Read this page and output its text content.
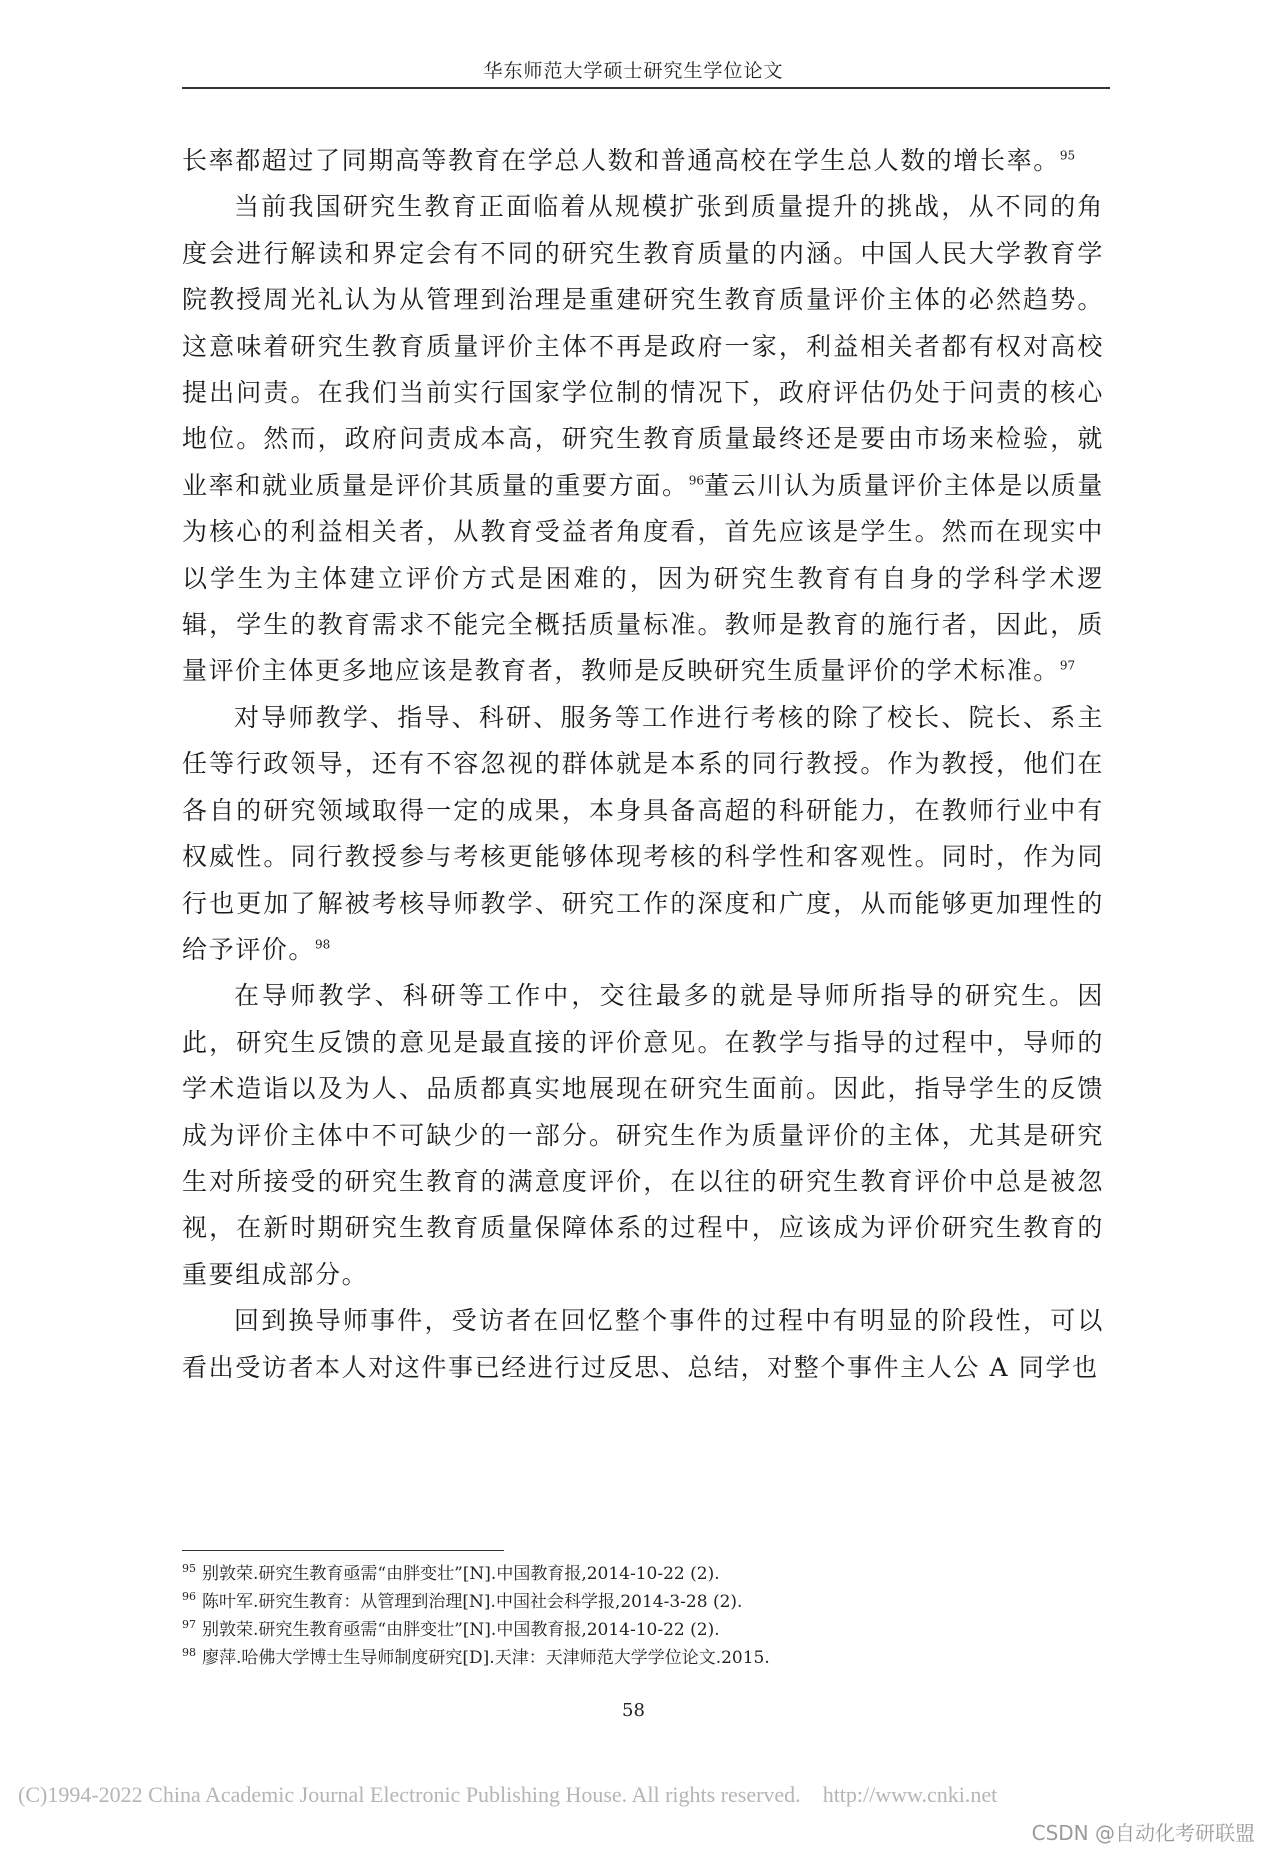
华东师范大学硕士研究生学位论文

长率都超过了同期高等教育在学总人数和普通高校在学生总人数的增长率。$^{95}$

当前我国研究生教育正面临着从规模扩张到质量提升的挑战，从不同的角度会进行解读和界定会有不同的研究生教育质量的内涵。中国人民大学教育学院教授周光礼认为从管理到治理是重建研究生教育质量评价主体的必然趋势。这意味着研究生教育质量评价主体不再是政府一家，利益相关者都有权对高校提出问责。在我们当前实行国家学位制的情况下，政府评估仍处于问责的核心地位。然而，政府问责成本高，研究生教育质量最终还是要由市场来检验，就业率和就业质量是评价其质量的重要方面。$^{96}$董云川认为质量评价主体是以质量为核心的利益相关者，从教育受益者角度看，首先应该是学生。然而在现实中以学生为主体建立评价方式是困难的，因为研究生教育有自身的学科学术逻辑，学生的教育需求不能完全概括质量标准。教师是教育的施行者，因此，质量评价主体更多地应该是教育者，教师是反映研究生质量评价的学术标准。$^{97}$

对导师教学、指导、科研、服务等工作进行考核的除了校长、院长、系主任等行政领导，还有不容忽视的群体就是本系的同行教授。作为教授，他们在各自的研究领域取得一定的成果，本身具备高超的科研能力，在教师行业中有权威性。同行教授参与考核更能够体现考核的科学性和客观性。同时，作为同行也更加了解被考核导师教学、研究工作的深度和广度，从而能够更加理性的给予评价。$^{98}$

在导师教学、科研等工作中，交往最多的就是导师所指导的研究生。因此，研究生反馈的意见是最直接的评价意见。在教学与指导的过程中，导师的学术造诣以及为人、品质都真实地展现在研究生面前。因此，指导学生的反馈成为评价主体中不可缺少的一部分。研究生作为质量评价的主体，尤其是研究生对所接受的研究生教育的满意度评价，在以往的研究生教育评价中总是被忽视，在新时期研究生教育质量保障体系的过程中，应该成为评价研究生教育的重要组成部分。

回到换导师事件，受访者在回忆整个事件的过程中有明显的阶段性，可以看出受访者本人对这件事已经进行过反思、总结，对整个事件主人公 A 同学也

$^{95}$ 别敦荣.研究生教育亟需“由胖变壮”[N].中国教育报,2014-10-22 (2).

$^{96}$ 陈叶军.研究生教育：从管理到治理[N].中国社会科学报,2014-3-28 (2).

$^{97}$ 别敦荣.研究生教育亟需“由胖变壮”[N].中国教育报,2014-10-22 (2).

$^{98}$ 廖萍.哈佛大学博士生导师制度研究[D].天津：天津师范大学学位论文.2015.

58
(C)1994-2022 China Academic Journal Electronic Publishing House. All rights reserved. http://www.cnki.net
CSDN @自动化考研联盟
